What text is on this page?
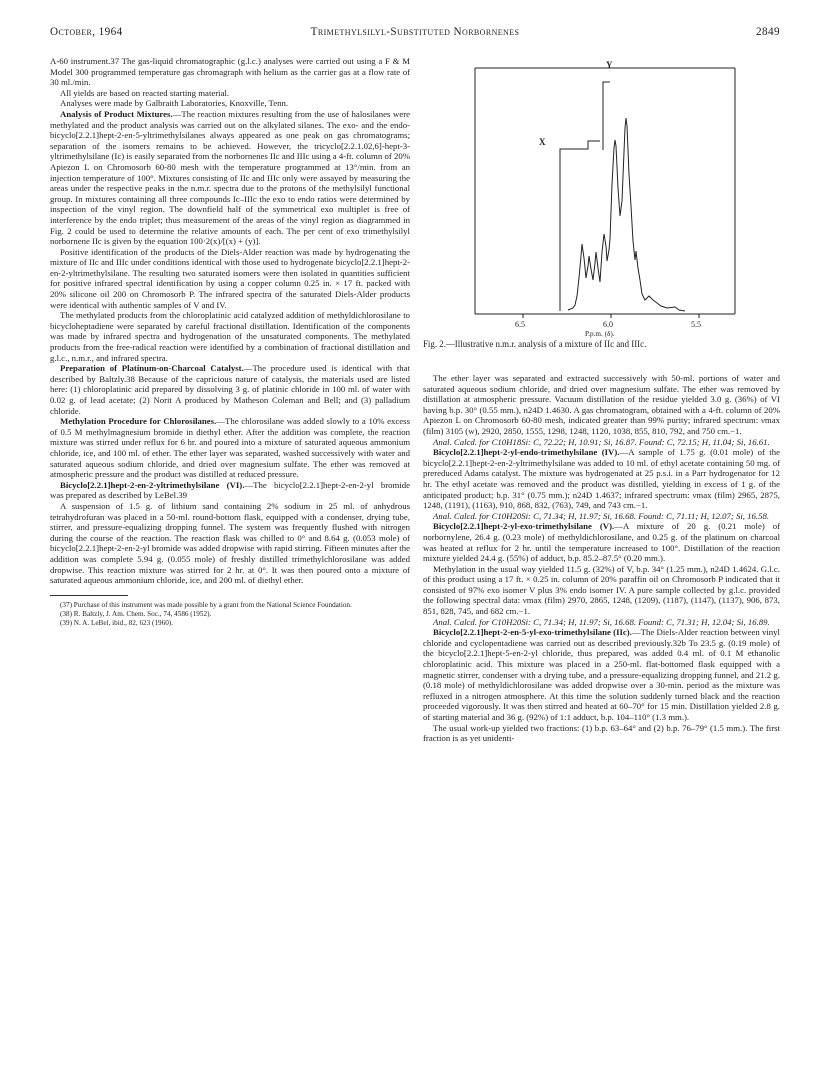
October, 1964	Trimethylsilyl-Substituted Norbornenes	2849

A-60 instrument.37 The gas-liquid chromatographic (g.l.c.) analyses were carried out using a F & M Model 300 programmed temperature gas chromagraph with helium as the carrier gas at a flow rate of 30 ml./min.

All yields are based on reacted starting material.

Analyses were made by Galbraith Laboratories, Knoxville, Tenn.

Analysis of Product Mixtures.—The reaction mixtures resulting from the use of halosilanes were methylated and the product analysis was carried out on the alkylated silanes. The exo- and the endo-bicyclo[2.2.1]hept-2-en-5-yltrimethylsilanes always appeared as one peak on gas chromatograms; separation of the isomers remains to be achieved. However, the tricyclo[2.2.1.02,6]-hept-3-yltrimethylsilane (Ic) is easily separated from the norbornenes IIc and IIIc using a 4-ft. column of 20% Apiezon L on Chromosorb 60-80 mesh with the temperature programmed at 13°/min. from an injection temperature of 100°. Mixtures consisting of IIc and IIIc only were assayed by measuring the areas under the respective peaks in the n.m.r. spectra due to the protons of the methylsilyl functional group. In mixtures containing all three compounds Ic–IIIc the exo to endo ratios were determined by inspection of the vinyl region. The downfield half of the symmetrical exo multiplet is free of interference by the endo triplet; thus measurement of the areas of the vinyl region as diagrammed in Fig. 2 could be used to determine the relative amounts of each. The per cent of exo trimethylsilyl norbornene IIc is given by the equation 100·2(x)/[(x) + (y)].

Positive identification of the products of the Diels-Alder reaction was made by hydrogenating the mixture of IIc and IIIc under conditions identical with those used to hydrogenate bicyclo[2.2.1]hept-2-en-2-yltrimethylsilane. The resulting two saturated isomers were then isolated in quantities sufficient for positive infrared spectral identification by using a copper column 0.25 in. × 17 ft. packed with 20% silicone oil 200 on Chromosorb P. The infrared spectra of the saturated Diels-Alder products were identical with authentic samples of V and IV.

The methylated products from the chloroplatinic acid catalyzed addition of methyldichlorosilane to bicycloheptadiene were separated by careful fractional distillation. Identification of the components was made by infrared spectra and hydrogenation of the unsaturated components. The methylated products from the free-radical reaction were identified by a combination of fractional distillation and g.l.c., n.m.r., and infrared spectra.

Preparation of Platinum-on-Charcoal Catalyst.—The procedure used is identical with that described by Baltzly.38 Because of the capricious nature of catalysis, the materials used are listed here: (1) chloroplatinic acid prepared by dissolving 3 g. of platinic chloride in 100 ml. of water with 0.02 g. of lead acetate; (2) Norit A produced by Matheson Coleman and Bell; and (3) palladium chloride.

Methylation Procedure for Chlorosilanes.—The chlorosilane was added slowly to a 10% excess of 0.5 M methylmagnesium bromide in diethyl ether. After the addition was complete, the reaction mixture was stirred under reflux for 6 hr. and poured into a mixture of saturated aqueous ammonium chloride, ice, and 100 ml. of ether. The ether layer was separated, washed successively with water and saturated aqueous sodium chloride, and dried over magnesium sulfate. The ether was removed at atmospheric pressure and the product was distilled at reduced pressure.

Bicyclo[2.2.1]hept-2-en-2-yltrimethylsilane (VI).—The bicyclo[2.2.1]hept-2-en-2-yl bromide was prepared as described by LeBel.39

A suspension of 1.5 g. of lithium sand containing 2% sodium in 25 ml. of anhydrous tetrahydrofuran was placed in a 50-ml. round-bottom flask, equipped with a condenser, drying tube, stirrer, and pressure-equalizing dropping funnel. The system was frequently flushed with nitrogen during the course of the reaction. The reaction flask was chilled to 0° and 8.64 g. (0.053 mole) of bicyclo[2.2.1]hept-2-en-2-yl bromide was added dropwise with rapid stirring. Fifteen minutes after the addition was complete 5.94 g. (0.055 mole) of freshly distilled trimethylchlorosilane was added dropwise. This reaction mixture was stirred for 2 hr. at 0°. It was then poured onto a mixture of saturated aqueous ammonium chloride, ice, and 200 ml. of diethyl ether.

(37) Purchase of this instrument was made possible by a grant from the National Science Foundation.

(38) R. Baltzly, J. Am. Chem. Soc., 74, 4586 (1952).

(39) N. A. LeBel, ibid., 82, 623 (1960).

X
Y
6.5	6.0	5.5
P.p.m. (δ).
Fig. 2.—Illustrative n.m.r. analysis of a mixture of IIc and IIIc.

The ether layer was separated and extracted successively with 50-ml. portions of water and saturated aqueous sodium chloride, and dried over magnesium sulfate. The ether was removed by distillation at atmospheric pressure. Vacuum distillation of the residue yielded 3.0 g. (36%) of VI having b.p. 30° (0.55 mm.), n24D 1.4630. A gas chromatogram, obtained with a 4-ft. column of 20% Apiezon L on Chromosorb 60-80 mesh, indicated greater than 99% purity; infrared spectrum: νmax (film) 3105 (w), 2920, 2850, 1555, 1298, 1248, 1120, 1038, 855, 810, 792, and 750 cm.−1.

Anal. Calcd. for C10H18Si: C, 72.22; H, 10.91; Si, 16.87. Found: C, 72.15; H, 11.04; Si, 16.61.

Bicyclo[2.2.1]hept-2-yl-endo-trimethylsilane (IV).—A sample of 1.75 g. (0.01 mole) of the bicyclo[2.2.1]hept-2-en-2-yltrimethylsilane was added to 10 ml. of ethyl acetate containing 50 mg. of prereduced Adams catalyst. The mixture was hydrogenated at 25 p.s.i. in a Parr hydrogenator for 12 hr. The ethyl acetate was removed and the product was distilled, yielding in excess of 1 g. of the anticipated product; b.p. 31° (0.75 mm.); n24D 1.4637; infrared spectrum: νmax (film) 2965, 2875, 1248, (1191), (1163), 910, 868, 832, (763), 749, and 743 cm.−1.

Anal. Calcd. for C10H20Si: C, 71.34; H, 11.97; Si, 16.68. Found: C, 71.11; H, 12.07; Si, 16.58.

Bicyclo[2.2.1]hept-2-yl-exo-trimethylsilane (V).—A mixture of 20 g. (0.21 mole) of norbornylene, 26.4 g. (0.23 mole) of methyldichlorosilane, and 0.25 g. of the platinum on charcoal was heated at reflux for 2 hr. until the temperature increased to 100°. Distillation of the reaction mixture yielded 24.4 g. (55%) of adduct, b.p. 85.2–87.5° (0.20 mm.).

Methylation in the usual way yielded 11.5 g. (32%) of V, b.p. 34° (1.25 mm.), n24D 1.4624. G.l.c. of this product using a 17 ft. × 0.25 in. column of 20% paraffin oil on Chromosorb P indicated that it consisted of 97% exo isomer V plus 3% endo isomer IV. A pure sample collected by g.l.c. provided the following spectral data: νmax (film) 2970, 2865, 1248, (1209), (1187), (1147), (1137), 906, 873, 851, 828, 745, and 682 cm.−1.

Anal. Calcd. for C10H20Si: C, 71.34; H, 11.97; Si, 16.68. Found: C, 71.31; H, 12.04; Si, 16.89.

Bicyclo[2.2.1]hept-2-en-5-yl-exo-trimethylsilane (IIc).—The Diels-Alder reaction between vinyl chloride and cyclopentadiene was carried out as described previously.32b To 23.5 g. (0.19 mole) of the bicyclo[2.2.1]hept-5-en-2-yl chloride, thus prepared, was added 0.4 ml. of 0.1 M ethanolic chloroplatinic acid. This mixture was placed in a 250-ml. flat-bottomed flask equipped with a magnetic stirrer, condenser with a drying tube, and a pressure-equalizing dropping funnel, and 21.2 g. (0.18 mole) of methyldichlorosilane was added dropwise over a 30-min. period as the mixture was refluxed in a nitrogen atmosphere. At this time the solution suddenly turned black and the reaction proceeded vigorously. It was then stirred and heated at 60–70° for 15 min. Distillation yielded 2.8 g. of starting material and 36 g. (92%) of 1:1 adduct, b.p. 104–110° (1.3 mm.).

The usual work-up yielded two fractions: (1) b.p. 63–64° and (2) b.p. 76–79° (1.5 mm.). The first fraction is as yet unidenti-
